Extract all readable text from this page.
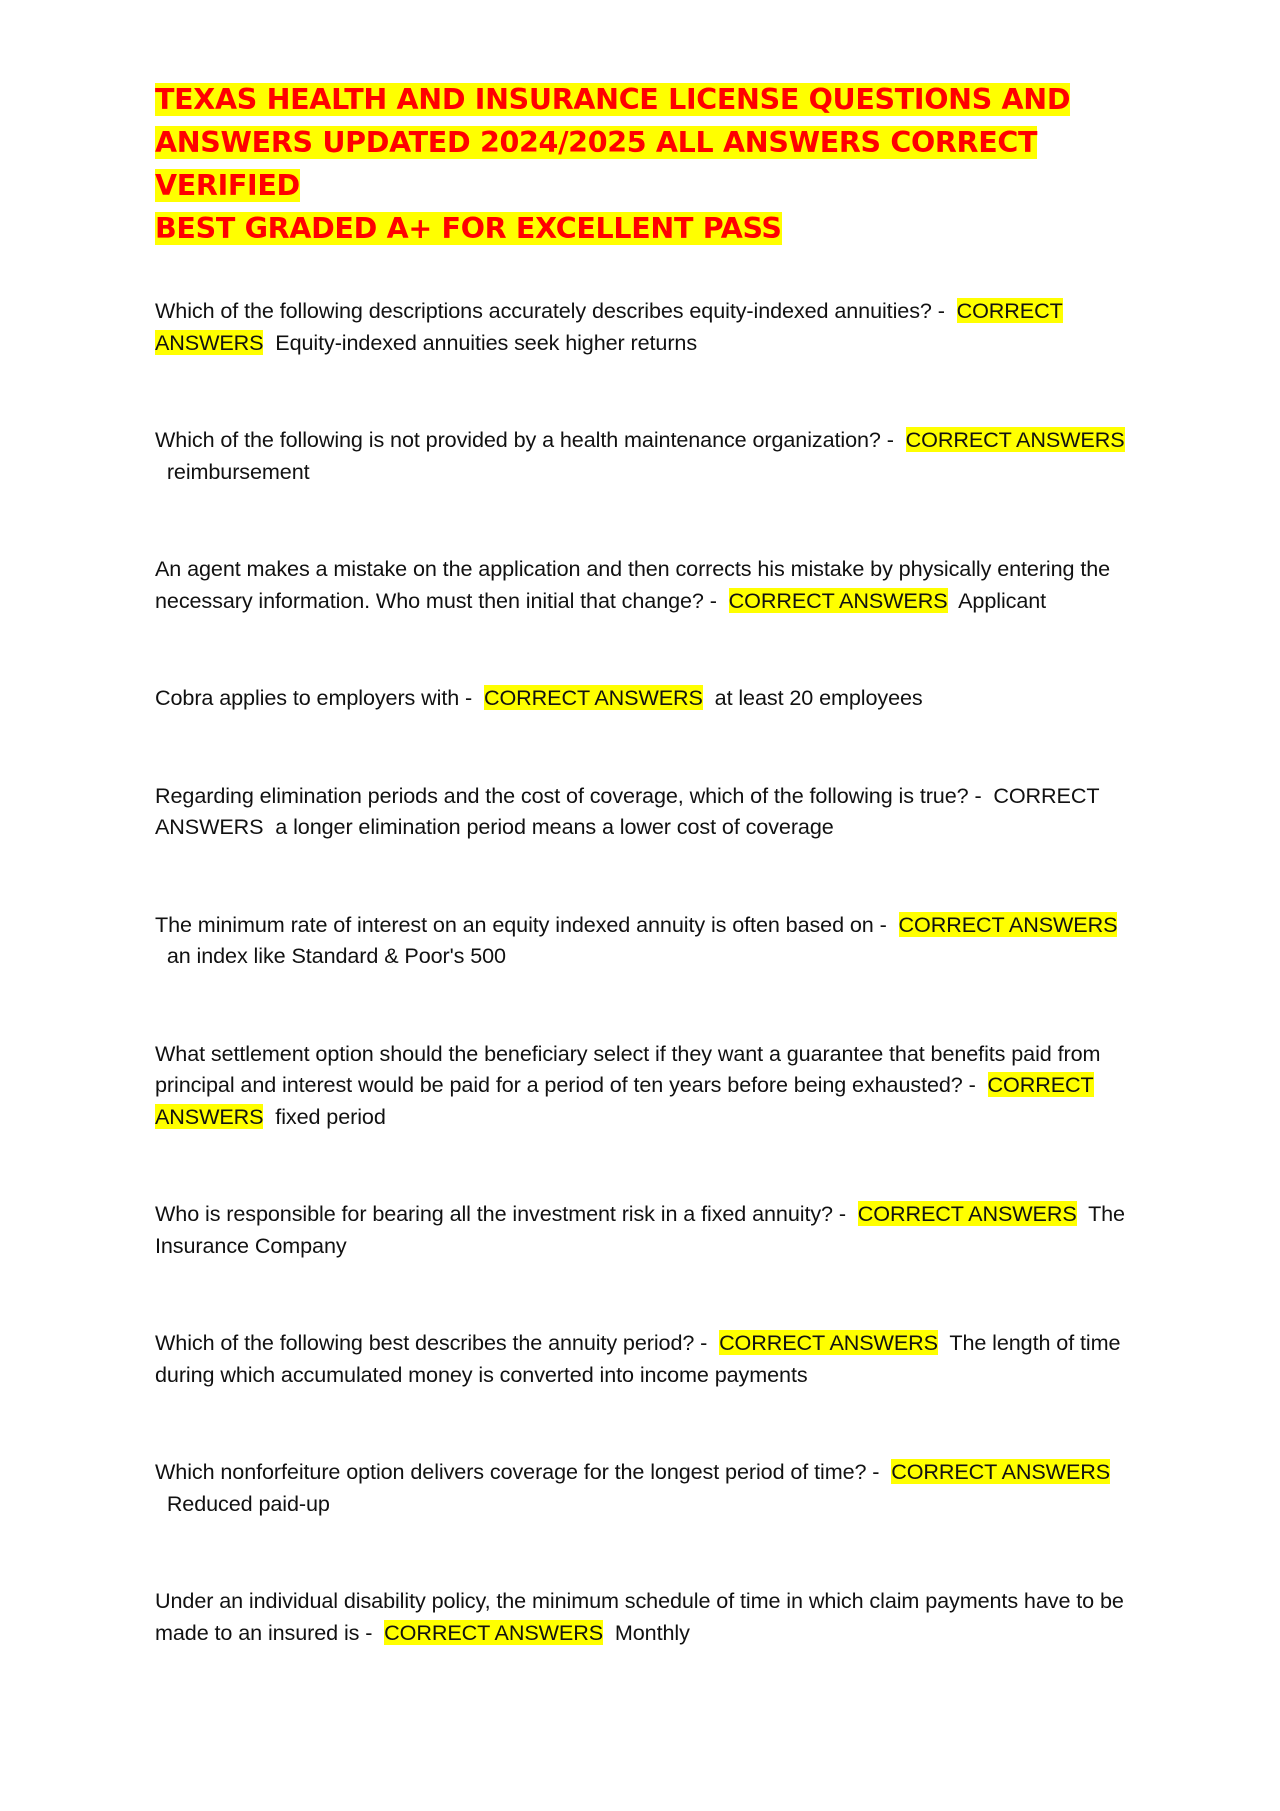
TEXAS HEALTH AND INSURANCE LICENSE QUESTIONS AND
ANSWERS UPDATED 2024/2025 ALL ANSWERS CORRECT VERIFIED
BEST GRADED A+ FOR EXCELLENT PASS

Which of the following descriptions accurately describes equity-indexed annuities? - CORRECT ANSWERS Equity-indexed annuities seek higher returns

Which of the following is not provided by a health maintenance organization? - CORRECT ANSWERS  reimbursement

An agent makes a mistake on the application and then corrects his mistake by physically entering the necessary information. Who must then initial that change? - CORRECT ANSWERS Applicant

Cobra applies to employers with - CORRECT ANSWERS at least 20 employees

Regarding elimination periods and the cost of coverage, which of the following is true? - CORRECT ANSWERS a longer elimination period means a lower cost of coverage

The minimum rate of interest on an equity indexed annuity is often based on - CORRECT ANSWERS  an index like Standard & Poor's 500

What settlement option should the beneficiary select if they want a guarantee that benefits paid from principal and interest would be paid for a period of ten years before being exhausted? - CORRECT ANSWERS fixed period

Who is responsible for bearing all the investment risk in a fixed annuity? - CORRECT ANSWERS The Insurance Company

Which of the following best describes the annuity period? - CORRECT ANSWERS The length of time during which accumulated money is converted into income payments

Which nonforfeiture option delivers coverage for the longest period of time? - CORRECT ANSWERS  Reduced paid-up

Under an individual disability policy, the minimum schedule of time in which claim payments have to be made to an insured is - CORRECT ANSWERS Monthly
